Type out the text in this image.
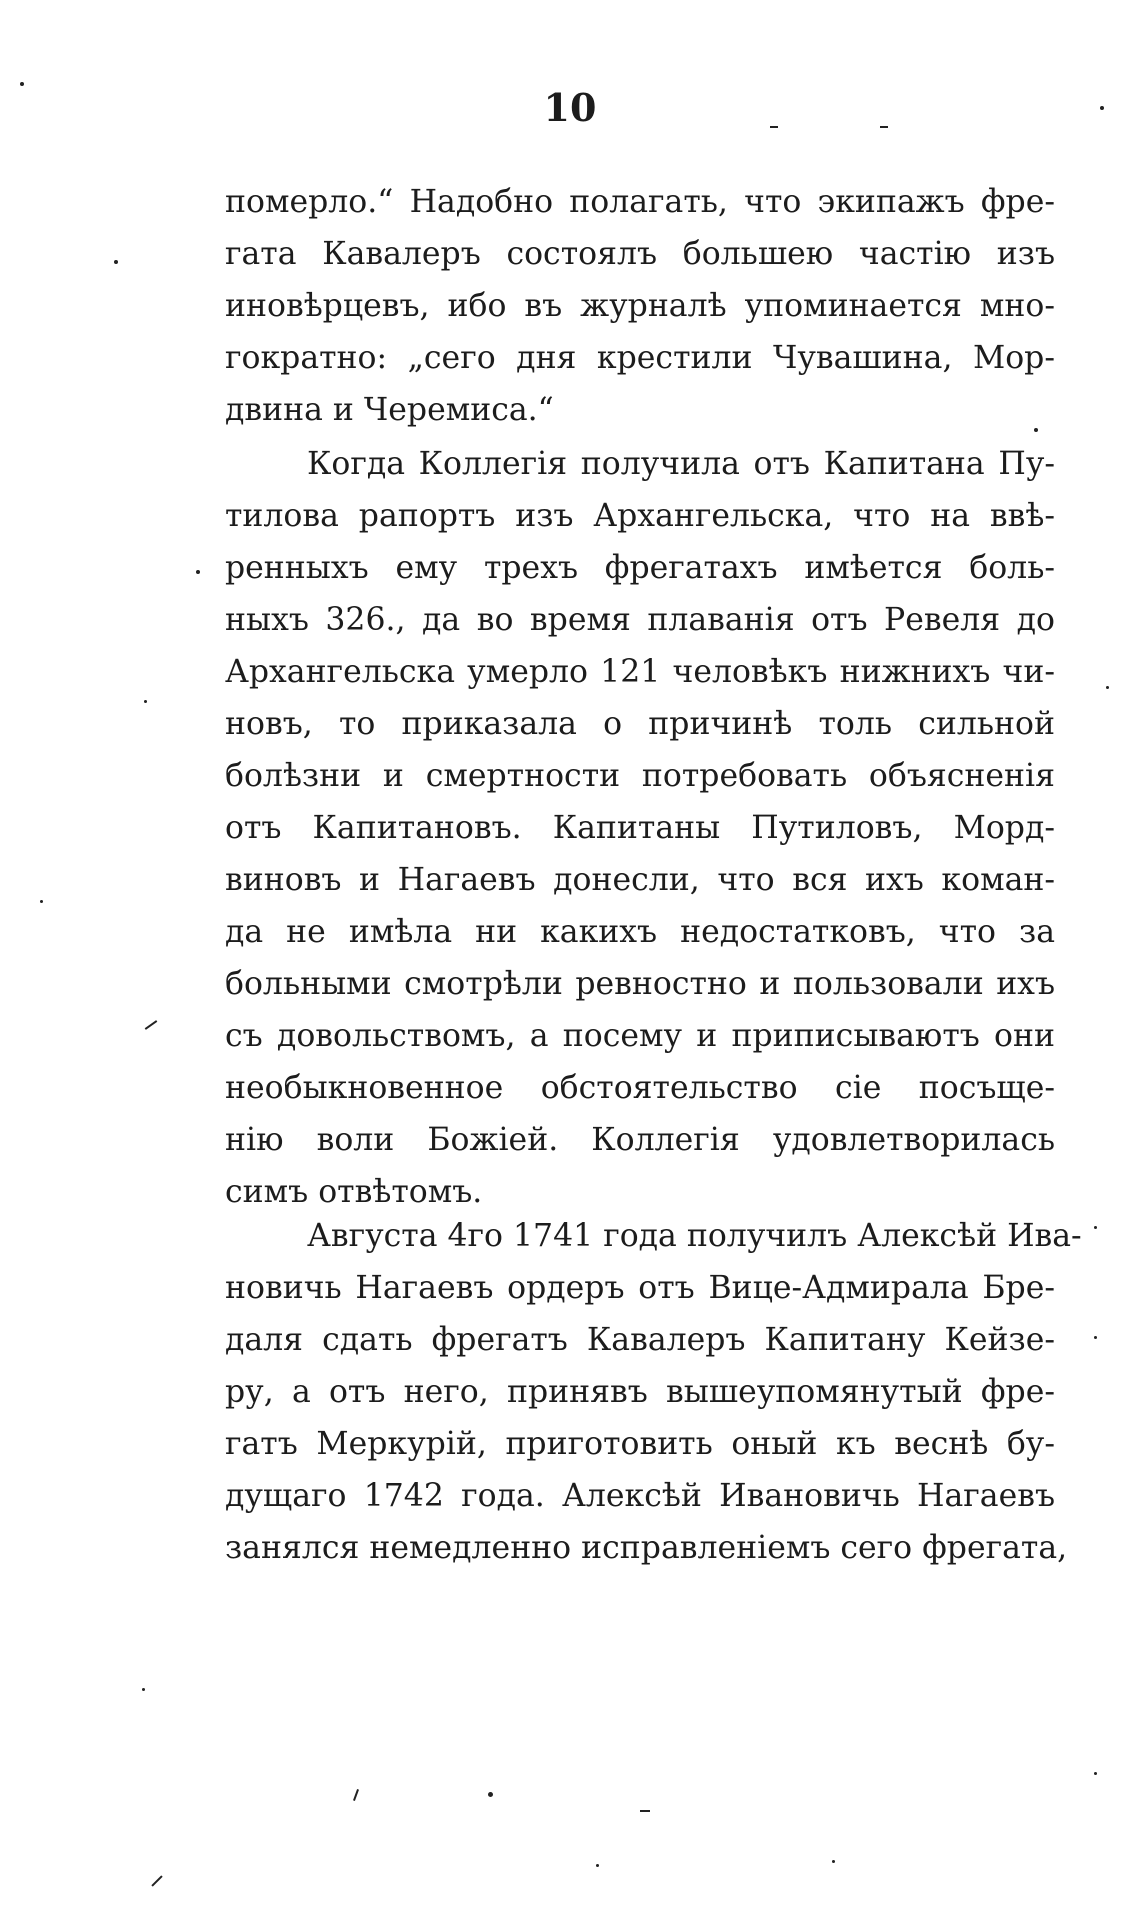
10
померло.“ Надобно полагать, что экипажъ фре-
гата Кавалеръ состоялъ большею частію изъ
иновѣрцевъ, ибо въ журналѣ упоминается мно-
гократно: „сего дня крестили Чувашина, Мор-
двина и Черемиса.“
Когда Коллегія получила отъ Капитана Пу-
тилова рапортъ изъ Архангельска, что на ввѣ-
ренныхъ ему трехъ фрегатахъ имѣется боль-
ныхъ 326., да во время плаванія отъ Ревеля до
Архангельска умерло 121 человѣкъ нижнихъ чи-
новъ, то приказала о причинѣ толь сильной
болѣзни и смертности потребовать объясненія
отъ Капитановъ. Капитаны Путиловъ, Морд-
виновъ и Нагаевъ донесли, что вся ихъ коман-
да не имѣла ни какихъ недостатковъ, что за
больными смотрѣли ревностно и пользовали ихъ
съ довольствомъ, а посему и приписываютъ они
необыкновенное обстоятельство сіе посъще-
нію воли Божіей. Коллегія удовлетворилась
симъ отвѣтомъ.
Августа 4го 1741 года получилъ Алексѣй Ива-
новичь Нагаевъ ордеръ отъ Вице-Адмирала Бре-
даля сдать фрегатъ Кавалеръ Капитану Кейзе-
ру, а отъ него, принявъ вышеупомянутый фре-
гатъ Меркурій, приготовить оный къ веснѣ бу-
дущаго 1742 года. Алексѣй Ивановичь Нагаевъ
занялся немедленно исправленіемъ сего фрегата,
